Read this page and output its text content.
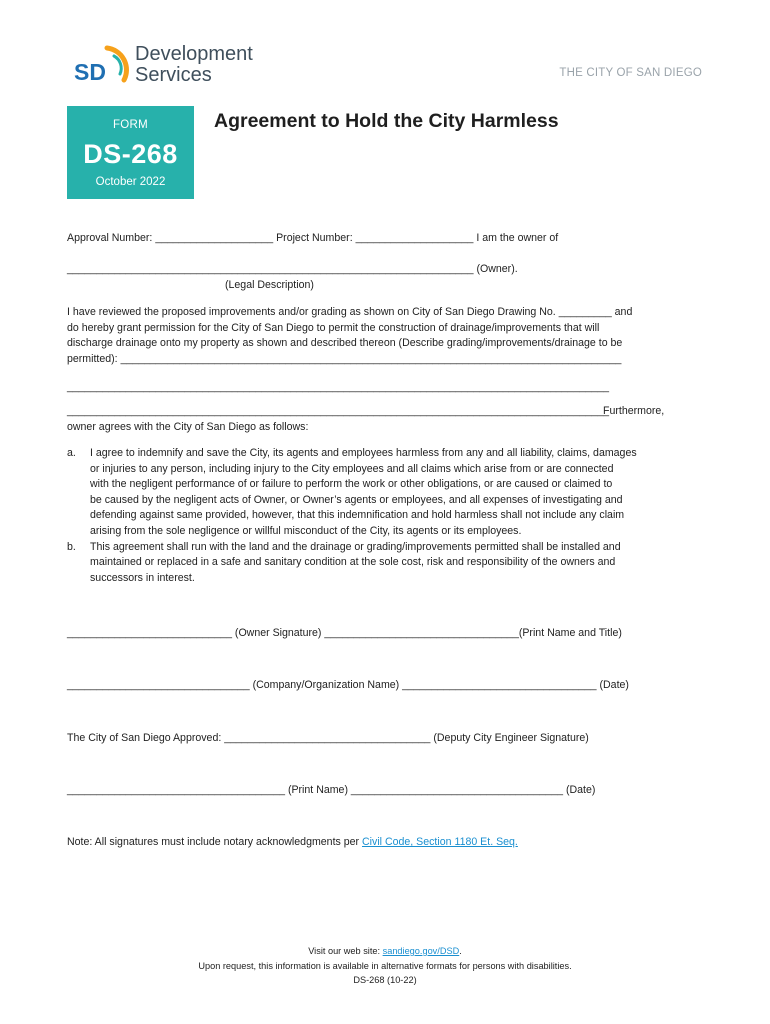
SD
Development
Services	THE CITY OF SAN DIEGO
FORM
DS-268
October 2022
Agreement to Hold the City Harmless
Approval Number: ____________________ Project Number: ____________________ I am the owner of
_____________________________________________________________________ (Owner).
(Legal Description)
I have reviewed the proposed improvements and/or grading as shown on City of San Diego Drawing No. _________ and
do hereby grant permission for the City of San Diego to permit the construction of drainage/improvements that will
discharge drainage onto my property as shown and described thereon (Describe grading/improvements/drainage to be
permitted): _____________________________________________________________________________________
____________________________________________________________________________________________
____________________________________________________________________________________________
Furthermore,
owner agrees with the City of San Diego as follows:
a. I agree to indemnify and save the City, its agents and employees harmless from any and all liability, claims, damages
or injuries to any person, including injury to the City employees and all claims which arise from or are connected
with the negligent performance of or failure to perform the work or other obligations, or are caused or claimed to
be caused by the negligent acts of Owner, or Owner’s agents or employees, and all expenses of investigating and
defending against same provided, however, that this indemnification and hold harmless shall not include any claim
arising from the sole negligence or willful misconduct of the City, its agents or its employees.
b. This agreement shall run with the land and the drainage or grading/improvements permitted shall be installed and
maintained or replaced in a safe and sanitary condition at the sole cost, risk and responsibility of the owners and
successors in interest.
____________________________ (Owner Signature) _________________________________(Print Name and Title)
_______________________________ (Company/Organization Name) _________________________________ (Date)
The City of San Diego Approved: ___________________________________ (Deputy City Engineer Signature)
_____________________________________ (Print Name) ____________________________________ (Date)
Note: All signatures must include notary acknowledgments per Civil Code, Section 1180 Et. Seq.
Visit our web site: sandiego.gov/DSD.
Upon request, this information is available in alternative formats for persons with disabilities.
DS-268 (10-22)
